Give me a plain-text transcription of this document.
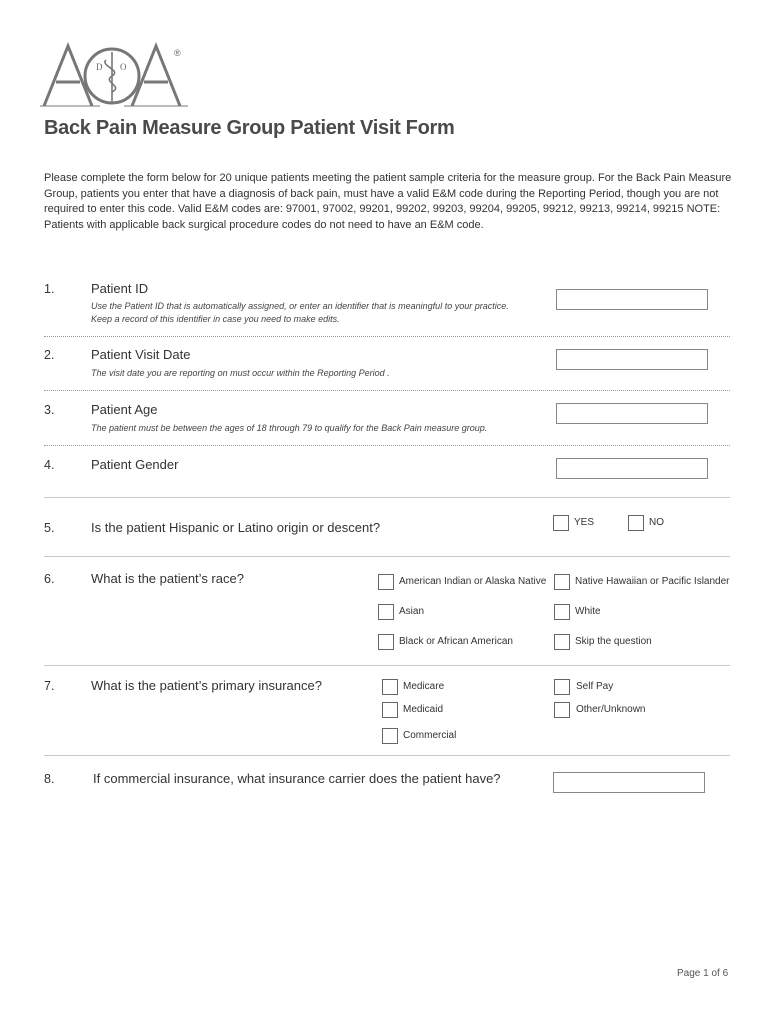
D O
®
Back Pain Measure Group Patient Visit Form
Please complete the form below for 20 unique patients meeting the patient sample criteria for the measure group. For the Back Pain Measure Group, patients you enter that have a diagnosis of back pain, must have a valid E&M code during the Reporting Period, though you are not required to enter this code. Valid E&M codes are: 97001, 97002, 99201, 99202, 99203, 99204, 99205, 99212, 99213, 99214, 99215 NOTE: Patients with applicable back surgical procedure codes do not need to have an E&M code.
1.	Patient ID
Use the Patient ID that is automatically assigned, or enter an identifier that is meaningful to your practice.
Keep a record of this identifier in case you need to make edits.
2.	Patient Visit Date
The visit date you are reporting on must occur within the Reporting Period .
3.	Patient Age
The patient must be between the ages of 18 through 79 to qualify for the Back Pain measure group.
4.	Patient Gender
5.	Is the patient Hispanic or Latino origin or descent?	YES	NO
6.	What is the patient’s race?	American Indian or Alaska Native	Native Hawaiian or Pacific Islander
Asian	White
Black or African American	Skip the question
7.	What is the patient’s primary insurance?	Medicare	Self Pay
Medicaid	Other/Unknown
Commercial
8.	If commercial insurance, what insurance carrier does the patient have?
Page 1 of 6
